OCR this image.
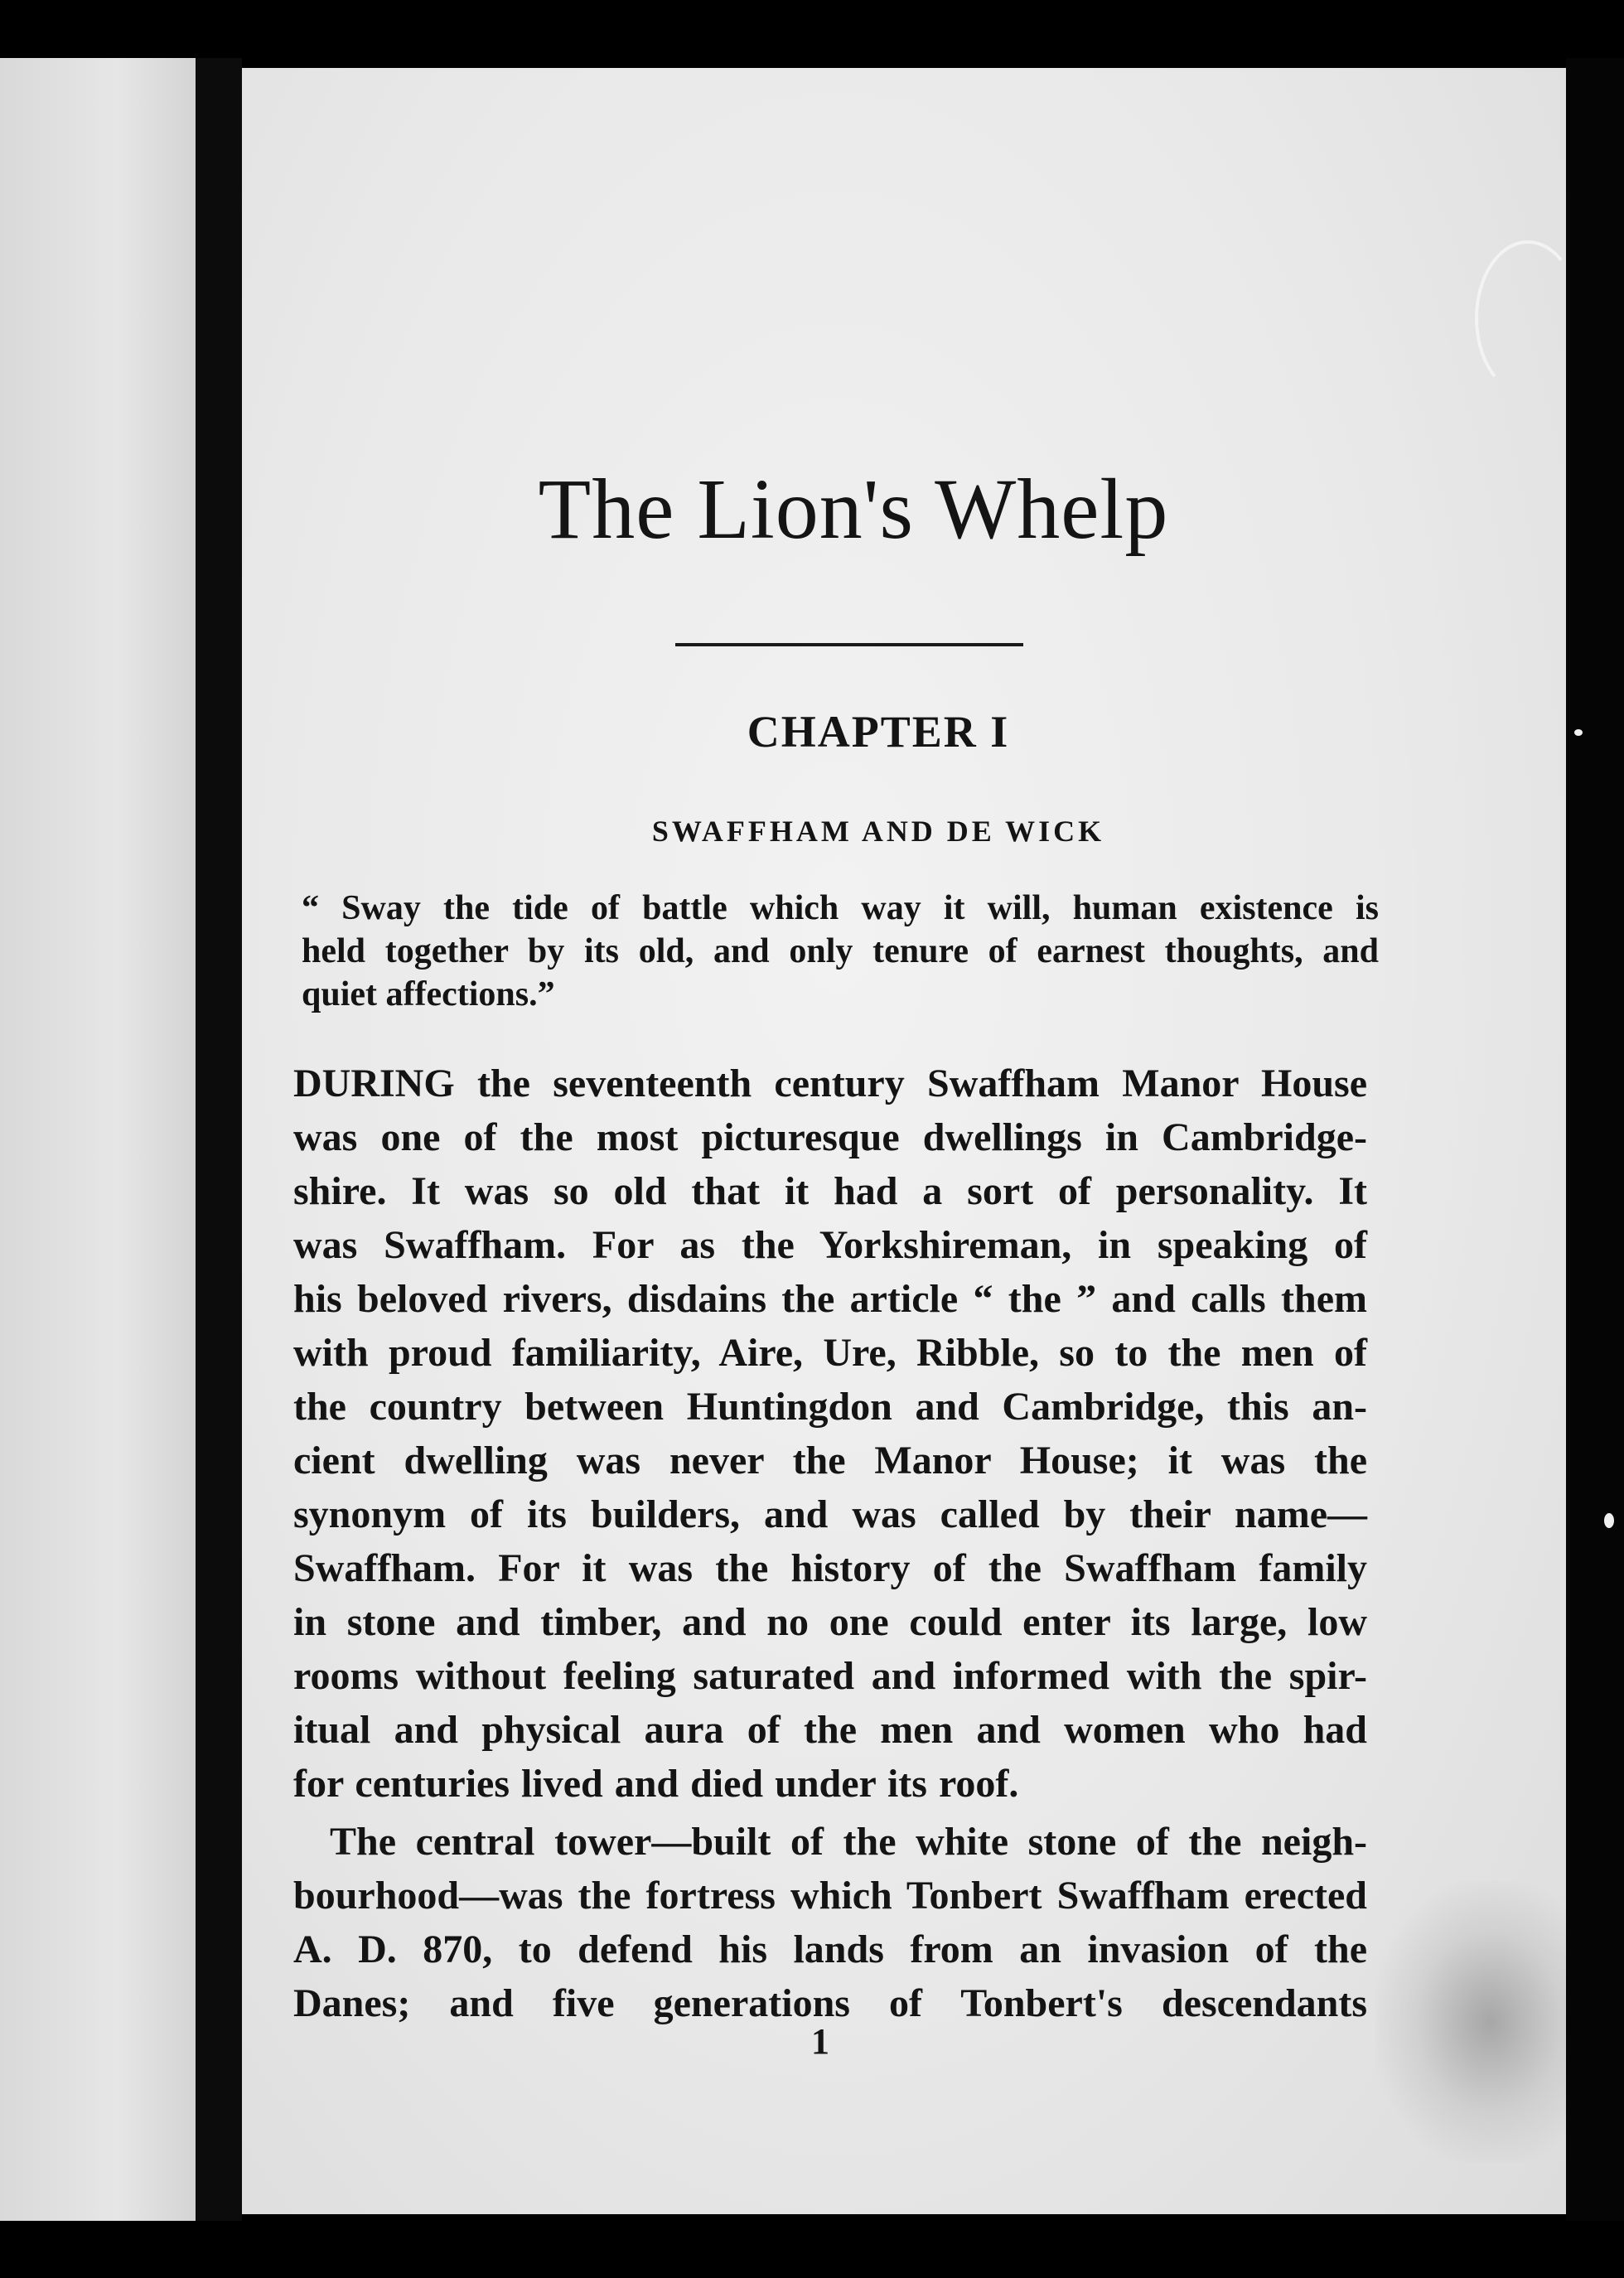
The Lion's Whelp
CHAPTER I
SWAFFHAM AND DE WICK
“ Sway the tide of battle which way it will, human existence is
held together by its old, and only tenure of earnest thoughts, and
quiet affections.”
DURING the seventeenth century Swaffham Manor House
was one of the most picturesque dwellings in Cambridge-
shire. It was so old that it had a sort of personality. It
was Swaffham. For as the Yorkshireman, in speaking of
his beloved rivers, disdains the article “ the ” and calls them
with proud familiarity, Aire, Ure, Ribble, so to the men of
the country between Huntingdon and Cambridge, this an-
cient dwelling was never the Manor House; it was the
synonym of its builders, and was called by their name—
Swaffham. For it was the history of the Swaffham family
in stone and timber, and no one could enter its large, low
rooms without feeling saturated and informed with the spir-
itual and physical aura of the men and women who had
for centuries lived and died under its roof.
The central tower—built of the white stone of the neigh-
bourhood—was the fortress which Tonbert Swaffham erected
A. D. 870, to defend his lands from an invasion of the
Danes; and five generations of Tonbert's descendants
1
